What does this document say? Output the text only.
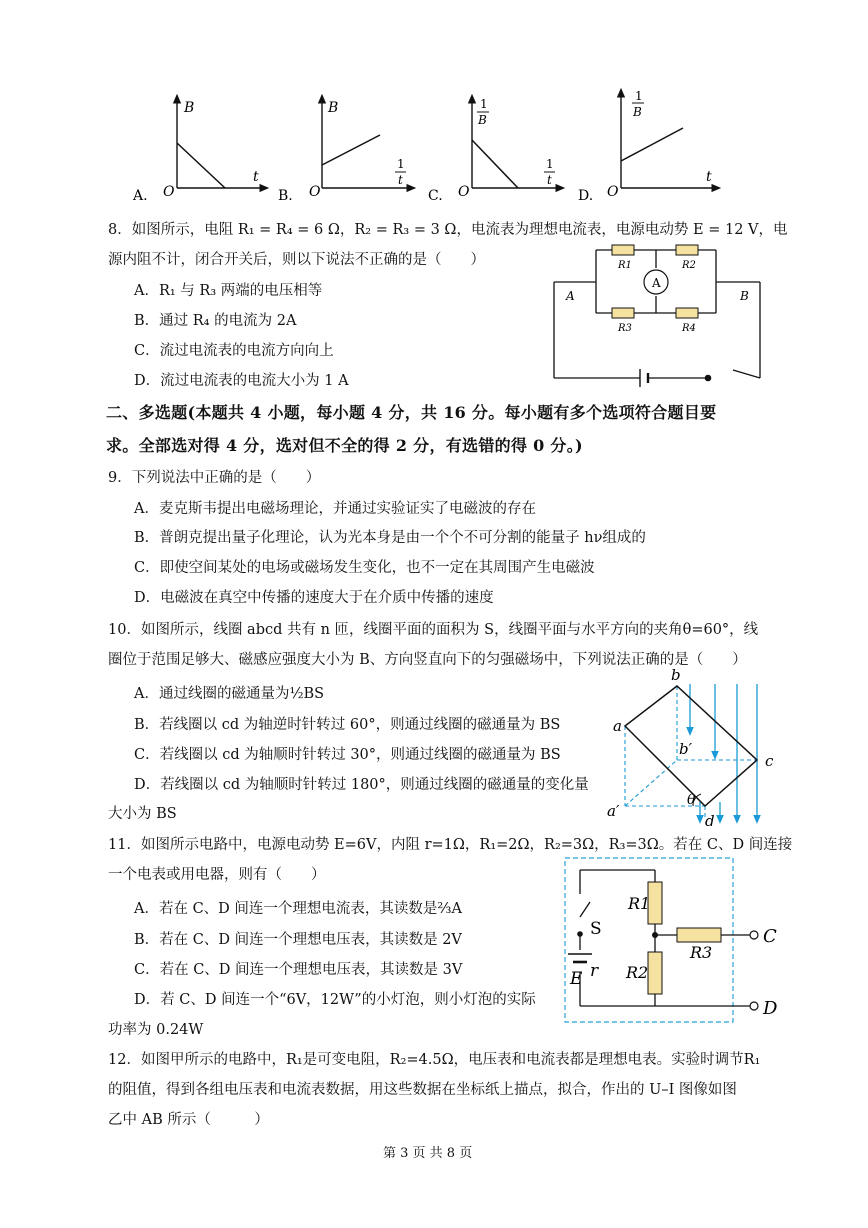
B
t
O
A.
B
1
t
O
B.
1
B
1
t
O
C.
1
B
t
O
D.
8．如图所示，电阻 R₁ = R₄ = 6 Ω，R₂ = R₃ = 3 Ω，电流表为理想电流表，电源电动势 E = 12 V，电
源内阻不计，闭合开关后，则以下说法不正确的是（　　）
A．R₁ 与 R₃ 两端的电压相等
B．通过 R₄ 的电流为 2A
C．流过电流表的电流方向向上
D．流过电流表的电流大小为 1 A
A
R1	R2
R3	R4
A	B
二、多选题(本题共 4 小题，每小题 4 分，共 16 分。每小题有多个选项符合题目要
求。全部选对得 4 分，选对但不全的得 2 分，有选错的得 0 分。)
9．下列说法中正确的是（　　）
A．麦克斯韦提出电磁场理论，并通过实验证实了电磁波的存在
B．普朗克提出量子化理论，认为光本身是由一个个不可分割的能量子 hν组成的
C．即使空间某处的电场或磁场发生变化，也不一定在其周围产生电磁波
D．电磁波在真空中传播的速度大于在介质中传播的速度
10．如图所示，线圈 abcd 共有 n 匝，线圈平面的面积为 S，线圈平面与水平方向的夹角θ=60°，线
圈位于范围足够大、磁感应强度大小为 B、方向竖直向下的匀强磁场中，下列说法正确的是（　　）
A．通过线圈的磁通量为½BS
B．若线圈以 cd 为轴逆时针转过 60°，则通过线圈的磁通量为 BS
C．若线圈以 cd 为轴顺时针转过 30°，则通过线圈的磁通量为 BS
D．若线圈以 cd 为轴顺时针转过 180°，则通过线圈的磁通量的变化量
大小为 BS
a
b
c
d
a′
b′
θ
11．如图所示电路中，电源电动势 E=6V，内阻 r=1Ω，R₁=2Ω，R₂=3Ω，R₃=3Ω。若在 C、D 间连接
一个电表或用电器，则有（　　）
A．若在 C、D 间连一个理想电流表，其读数是⅔A
B．若在 C、D 间连一个理想电压表，其读数是 2V
C．若在 C、D 间连一个理想电压表，其读数是 3V
D．若 C、D 间连一个“6V，12W”的小灯泡，则小灯泡的实际
功率为 0.24W
S
E r
R1
R2
R3
C
D
12．如图甲所示的电路中，R₁是可变电阻，R₂=4.5Ω，电压表和电流表都是理想电表。实验时调节R₁
的阻值，得到各组电压表和电流表数据，用这些数据在坐标纸上描点，拟合，作出的 U–I 图像如图
乙中 AB 所示（　　　）
第 3 页 共 8 页
